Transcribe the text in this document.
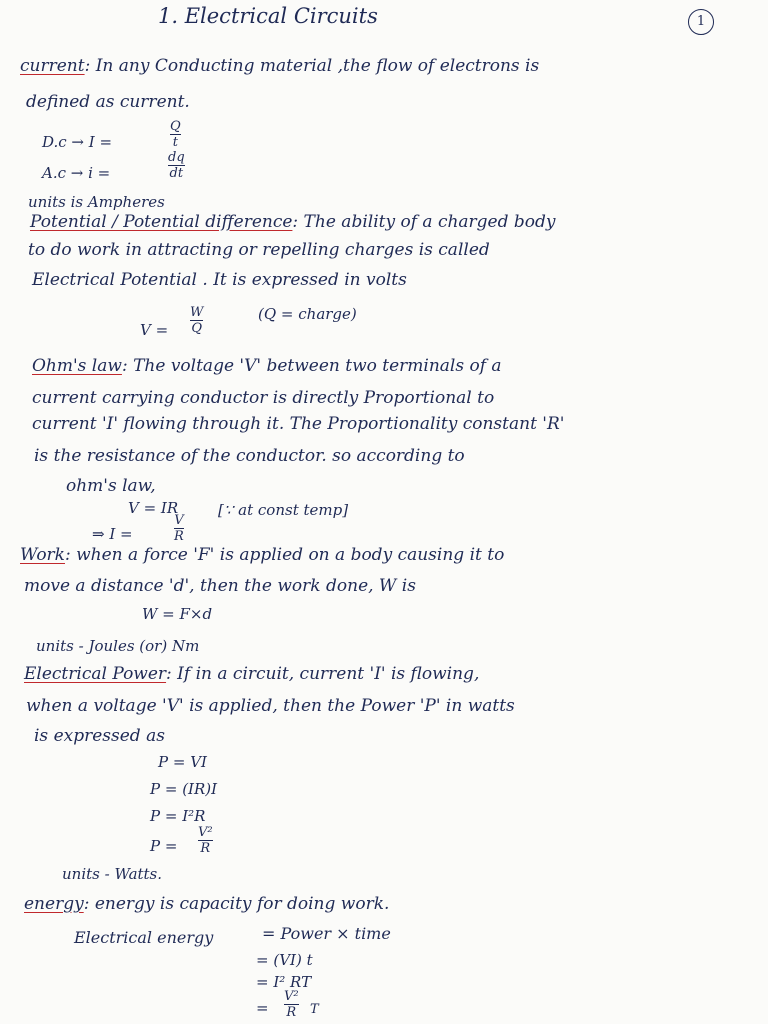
1. Electrical Circuits	1
current: In any Conducting material ,the flow of electrons is
defined as current.
D.c → I =
Q
t
A.c → i =
dq
dt
units is Ampheres
Potential / Potential difference: The ability of a charged body
to do work in attracting or repelling charges is called
Electrical Potential . It is expressed in volts
V =
W
Q
(Q = charge)
Ohm's law: The voltage 'V' between two terminals of a
current carrying conductor is directly Proportional to
current 'I' flowing through it. The Proportionality constant 'R'
is the resistance of the conductor. so according to
ohm's law,
V = IR
⇒ I =
V
R
[∵ at const temp]
Work: when a force 'F' is applied on a body causing it to
move a distance 'd', then the work done, W is
W = F×d
units - Joules (or) Nm
Electrical Power: If in a circuit, current 'I' is flowing,
when a voltage 'V' is applied, then the Power 'P' in watts
is expressed as
P = VI
P = (IR)I
P = I²R
P =
V²
R
units - Watts.
energy: energy is capacity for doing work.
Electrical energy	= Power × time
= (VI) t
= I² RT
=
V²
R T
